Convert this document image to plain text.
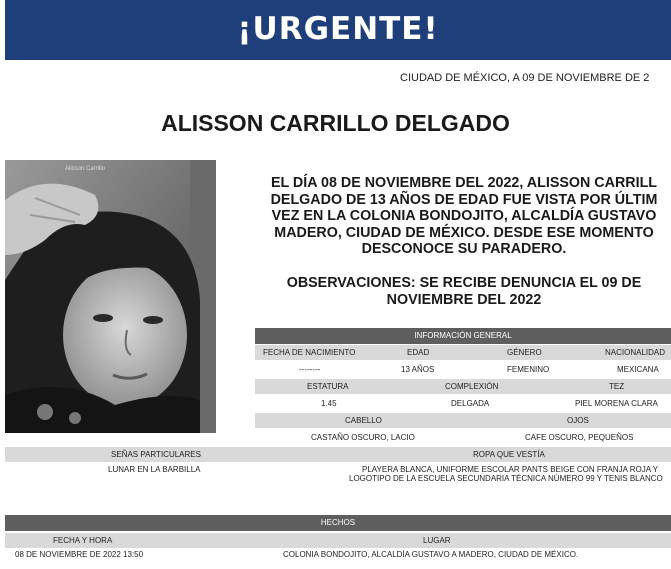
¡URGENTE!
CIUDAD DE MÉXICO, A 09 DE NOVIEMBRE DE 2
ALISSON CARRILLO DELGADO
Alisson Carrillo
EL DÍA 08 DE NOVIEMBRE DEL 2022, ALISSON CARRILL
DELGADO DE 13 AÑOS DE EDAD FUE VISTA POR ÚLTIM
VEZ EN LA COLONIA BONDOJITO, ALCALDÍA GUSTAVO
MADERO, CIUDAD DE MÉXICO. DESDE ESE MOMENTO
DESCONOCE SU PARADERO.
OBSERVACIONES: SE RECIBE DENUNCIA EL 09 DE
NOVIEMBRE DEL 2022
INFORMACIÓN GENERAL
FECHA DE NACIMIENTO	EDAD	GÉNERO	NACIONALIDAD
--------	13 AÑOS	FEMENINO	MEXICANA
ESTATURA	COMPLEXIÓN	TEZ
1.45	DELGADA	PIEL MORENA CLARA
CABELLO	OJOS
CASTAÑO OSCURO, LACIO	CAFE OSCURO, PEQUEÑOS
SEÑAS PARTICULARES	ROPA QUE VESTÍA
LUNAR EN LA BARBILLA	PLAYERA BLANCA, UNIFORME ESCOLAR PANTS BEIGE CON FRANJA ROJA Y
LOGOTIPO DE LA ESCUELA SECUNDARIA TÉCNICA NÚMERO 99 Y TENIS BLANCO
HECHOS
FECHA Y HORA	LUGAR
08 DE NOVIEMBRE DE 2022 13:50	COLONIA BONDOJITO, ALCALDÍA GUSTAVO A MADERO, CIUDAD DE MÉXICO.
